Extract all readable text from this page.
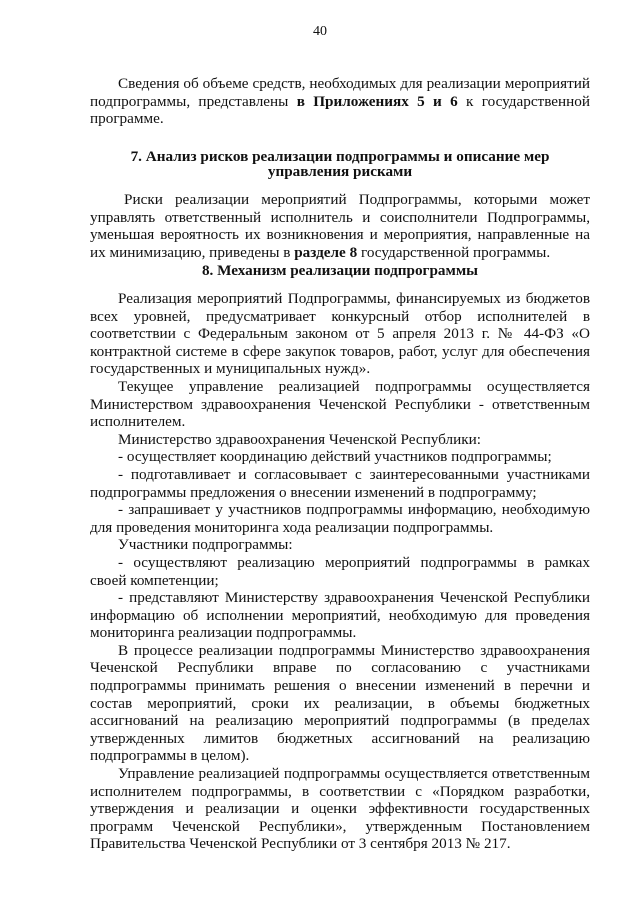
40

Сведения об объеме средств, необходимых для реализации мероприятий подпрограммы, представлены в Приложениях 5 и 6 к государственной программе.

7. Анализ рисков реализации подпрограммы и описание мер управления рисками

Риски реализации мероприятий Подпрограммы, которыми может управлять ответственный исполнитель и соисполнители Подпрограммы, уменьшая вероятность их возникновения и мероприятия, направленные на их минимизацию, приведены в разделе 8 государственной программы.

8. Механизм реализации подпрограммы

Реализация мероприятий Подпрограммы, финансируемых из бюджетов всех уровней, предусматривает конкурсный отбор исполнителей в соответствии с Федеральным законом от 5 апреля 2013 г. № 44-ФЗ «О контрактной системе в сфере закупок товаров, работ, услуг для обеспечения государственных и муниципальных нужд».

Текущее управление реализацией подпрограммы осуществляется Министерством здравоохранения Чеченской Республики - ответственным исполнителем.

Министерство здравоохранения Чеченской Республики:

- осуществляет координацию действий участников подпрограммы;

- подготавливает и согласовывает с заинтересованными участниками подпрограммы предложения о внесении изменений в подпрограмму;

- запрашивает у участников подпрограммы информацию, необходимую для проведения мониторинга хода реализации подпрограммы.

Участники подпрограммы:

- осуществляют реализацию мероприятий подпрограммы в рамках своей компетенции;

- представляют Министерству здравоохранения Чеченской Республики информацию об исполнении мероприятий, необходимую для проведения мониторинга реализации подпрограммы.

В процессе реализации подпрограммы Министерство здравоохранения Чеченской Республики вправе по согласованию с участниками подпрограммы принимать решения о внесении изменений в перечни и состав мероприятий, сроки их реализации, в объемы бюджетных ассигнований на реализацию мероприятий подпрограммы (в пределах утвержденных лимитов бюджетных ассигнований на реализацию подпрограммы в целом).

Управление реализацией подпрограммы осуществляется ответственным исполнителем подпрограммы, в соответствии с «Порядком разработки, утверждения и реализации и оценки эффективности государственных программ Чеченской Республики», утвержденным Постановлением Правительства Чеченской Республики от 3 сентября 2013 № 217.
